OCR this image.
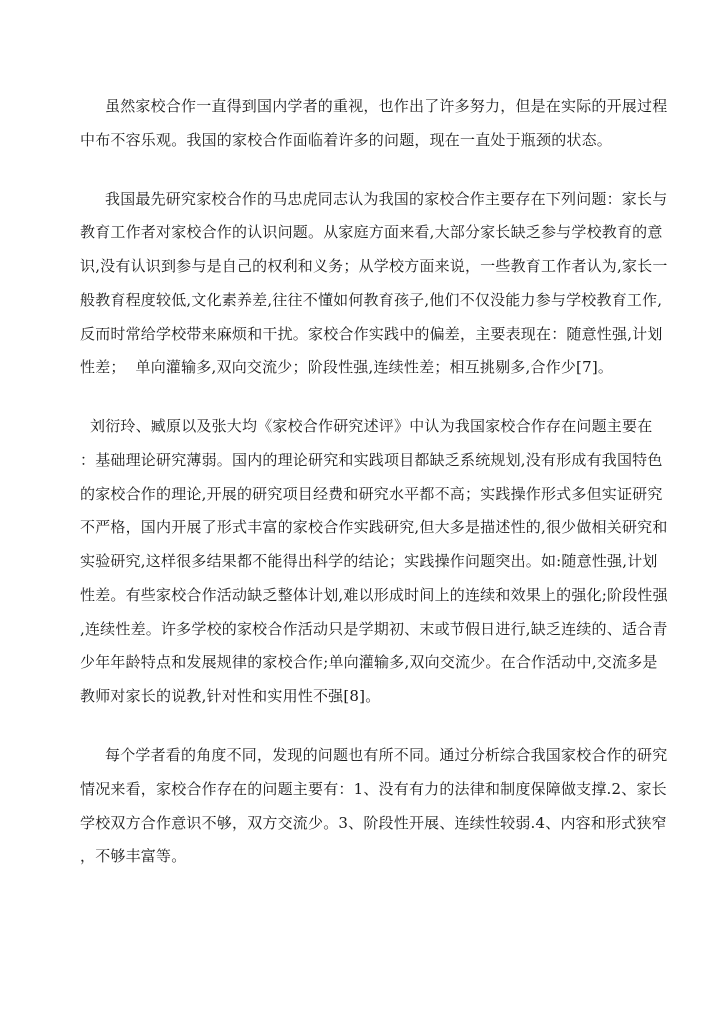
虽然家校合作一直得到国内学者的重视，也作出了许多努力，但是在实际的开展过程
中布不容乐观。我国的家校合作面临着许多的问题，现在一直处于瓶颈的状态。
我国最先研究家校合作的马忠虎同志认为我国的家校合作主要存在下列问题：家长与
教育工作者对家校合作的认识问题。从家庭方面来看,大部分家长缺乏参与学校教育的意
识,没有认识到参与是自己的权利和义务；从学校方面来说，一些教育工作者认为,家长一
般教育程度较低,文化素养差,往往不懂如何教育孩子,他们不仅没能力参与学校教育工作,
反而时常给学校带来麻烦和干扰。家校合作实践中的偏差，主要表现在：随意性强,计划
性差；  单向灌输多,双向交流少；阶段性强,连续性差；相互挑剔多,合作少[7]。
刘衍玲、臧原以及张大均《家校合作研究述评》中认为我国家校合作存在问题主要在
：基础理论研究薄弱。国内的理论研究和实践项目都缺乏系统规划,没有形成有我国特色
的家校合作的理论,开展的研究项目经费和研究水平都不高；实践操作形式多但实证研究
不严格，国内开展了形式丰富的家校合作实践研究,但大多是描述性的,很少做相关研究和
实验研究,这样很多结果都不能得出科学的结论；实践操作问题突出。如:随意性强,计划
性差。有些家校合作活动缺乏整体计划,难以形成时间上的连续和效果上的强化;阶段性强
,连续性差。许多学校的家校合作活动只是学期初、末或节假日进行,缺乏连续的、适合青
少年年龄特点和发展规律的家校合作;单向灌输多,双向交流少。在合作活动中,交流多是
教师对家长的说教,针对性和实用性不强[8]。
每个学者看的角度不同，发现的问题也有所不同。通过分析综合我国家校合作的研究
情况来看，家校合作存在的问题主要有：1、没有有力的法律和制度保障做支撑.2、家长
学校双方合作意识不够，双方交流少。3、阶段性开展、连续性较弱.4、内容和形式狭窄
，不够丰富等。
